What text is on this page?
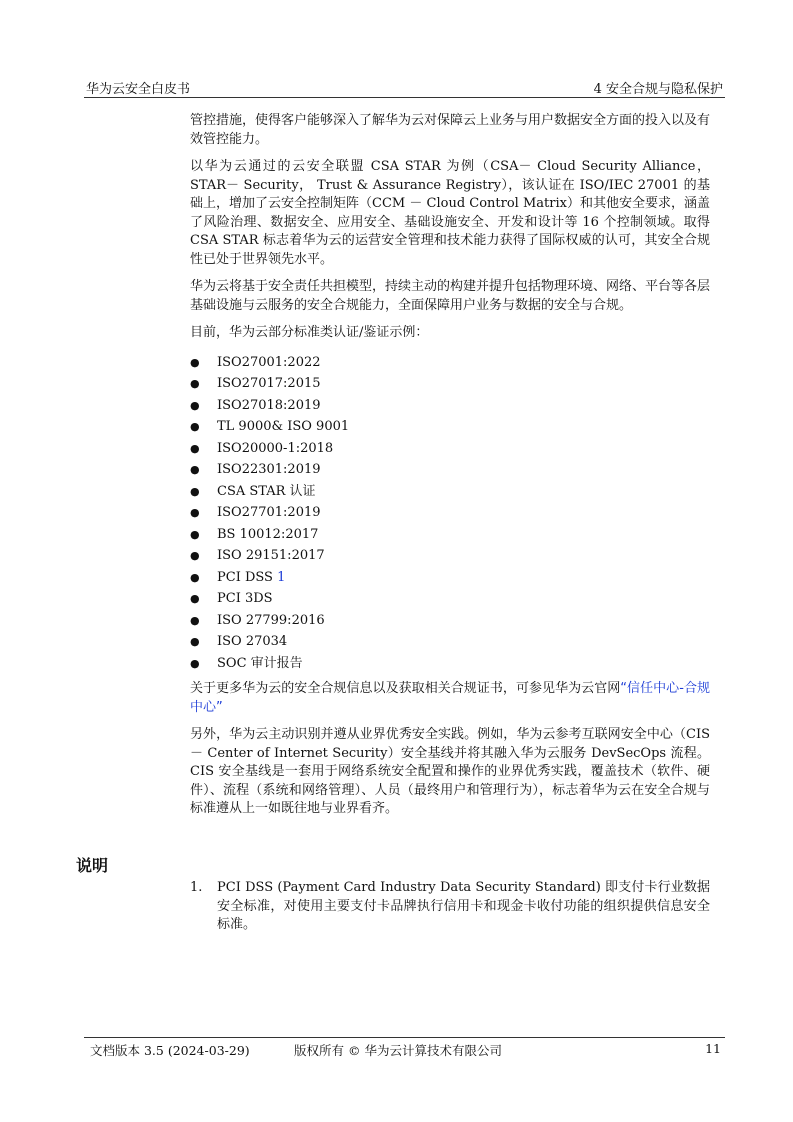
华为云安全白皮书	4 安全合规与隐私保护

管控措施，使得客户能够深入了解华为云对保障云上业务与用户数据安全方面的投入以及有效管控能力。

以华为云通过的云安全联盟 CSA STAR 为例（CSA－ Cloud Security Alliance，STAR－ Security， Trust & Assurance Registry），该认证在 ISO/IEC 27001 的基础上，增加了云安全控制矩阵（CCM － Cloud Control Matrix）和其他安全要求，涵盖了风险治理、数据安全、应用安全、基础设施安全、开发和设计等 16 个控制领域。取得 CSA STAR 标志着华为云的运营安全管理和技术能力获得了国际权威的认可，其安全合规性已处于世界领先水平。

华为云将基于安全责任共担模型，持续主动的构建并提升包括物理环境、网络、平台等各层基础设施与云服务的安全合规能力，全面保障用户业务与数据的安全与合规。

目前，华为云部分标准类认证/鉴证示例：

● ISO27001:2022
● ISO27017:2015
● ISO27018:2019
● TL 9000& ISO 9001
● ISO20000-1:2018
● ISO22301:2019
● CSA STAR 认证
● ISO27701:2019
● BS 10012:2017
● ISO 29151:2017
● PCI DSS 1
● PCI 3DS
● ISO 27799:2016
● ISO 27034
● SOC 审计报告

关于更多华为云的安全合规信息以及获取相关合规证书，可参见华为云官网“信任中心-合规中心”

另外，华为云主动识别并遵从业界优秀安全实践。例如，华为云参考互联网安全中心（CIS － Center of Internet Security）安全基线并将其融入华为云服务 DevSecOps 流程。CIS 安全基线是一套用于网络系统安全配置和操作的业界优秀实践，覆盖技术（软件、硬件）、流程（系统和网络管理）、人员（最终用户和管理行为），标志着华为云在安全合规与标准遵从上一如既往地与业界看齐。

说明
1. PCI DSS (Payment Card Industry Data Security Standard) 即支付卡行业数据安全标准，对使用主要支付卡品牌执行信用卡和现金卡收付功能的组织提供信息安全标准。
文档版本 3.5 (2024-03-29)	版权所有 © 华为云计算技术有限公司	11
